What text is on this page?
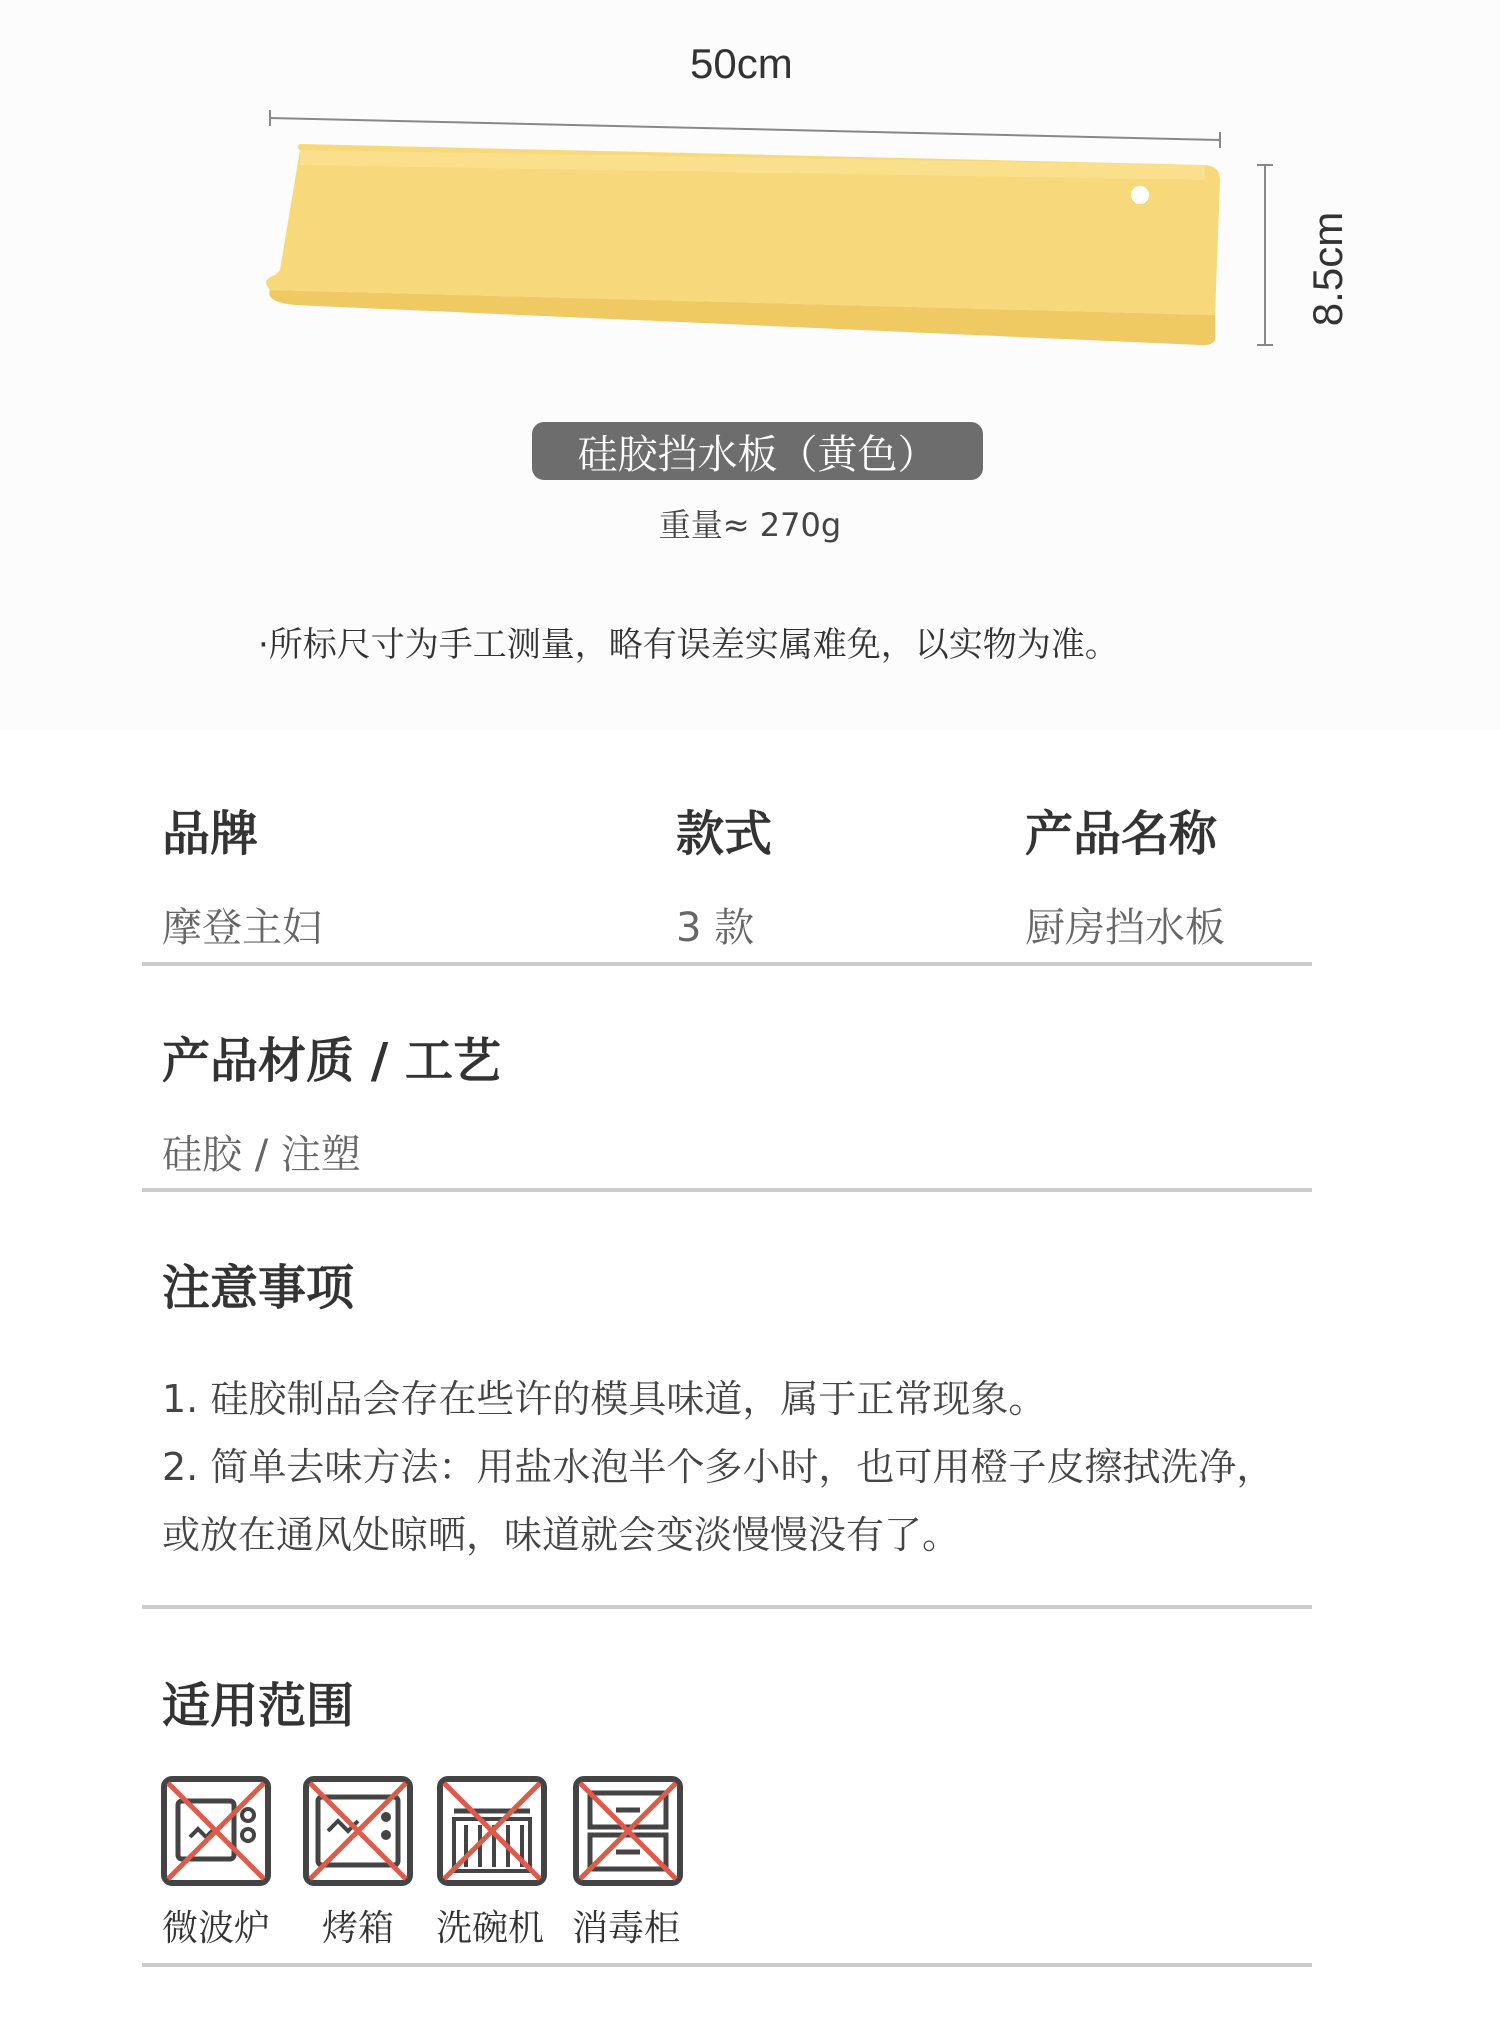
50cm
8.5cm
硅胶挡水板（黄色）
重量≈ 270g
·所标尺寸为手工测量，略有误差实属难免，以实物为准。
品牌	款式	产品名称
摩登主妇	3 款	厨房挡水板
产品材质 / 工艺
硅胶 / 注塑
注意事项
1. 硅胶制品会存在些许的模具味道，属于正常现象。
2. 简单去味方法：用盐水泡半个多小时，也可用橙子皮擦拭洗净，
或放在通风处晾晒，味道就会变淡慢慢没有了。
适用范围
微波炉 烤箱 洗碗机 消毒柜
